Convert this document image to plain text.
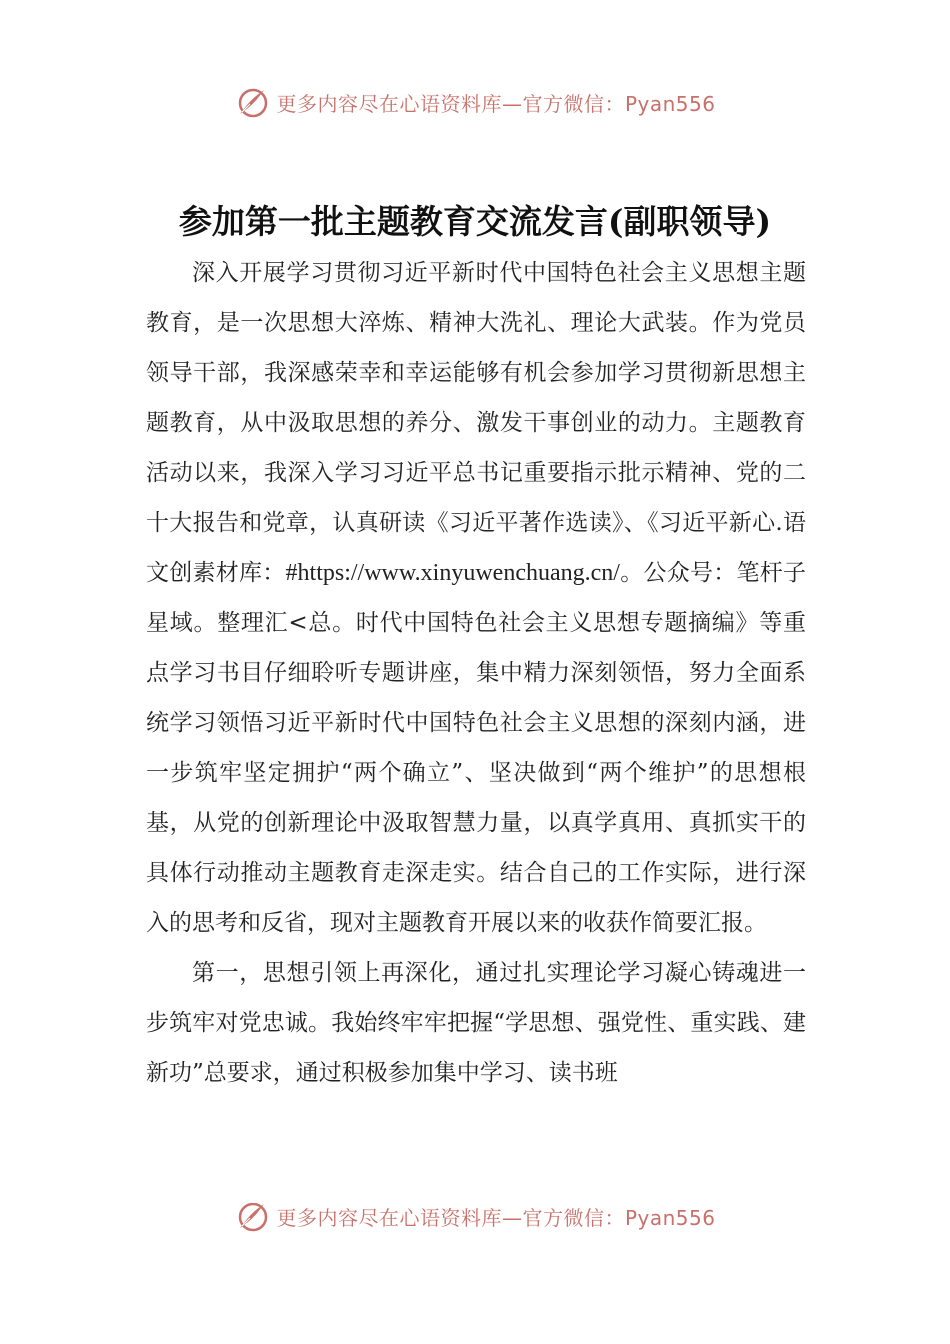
更多内容尽在心语资料库—官方微信：Pyan556
参加第一批主题教育交流发言(副职领导)

深入开展学习贯彻习近平新时代中国特色社会主义思想主题教育，是一次思想大淬炼、精神大洗礼、理论大武装。作为党员领导干部，我深感荣幸和幸运能够有机会参加学习贯彻新思想主题教育，从中汲取思想的养分、激发干事创业的动力。主题教育活动以来，我深入学习习近平总书记重要指示批示精神、党的二十大报告和党章，认真研读《习近平著作选读》、《习近平新心.语文创素材库：#https://www.xinyuwenchuang.cn/。公众号：笔杆子星域。整理汇<总。时代中国特色社会主义思想专题摘编》等重点学习书目仔细聆听专题讲座，集中精力深刻领悟，努力全面系统学习领悟习近平新时代中国特色社会主义思想的深刻内涵，进一步筑牢坚定拥护“两个确立”、坚决做到“两个维护”的思想根基，从党的创新理论中汲取智慧力量，以真学真用、真抓实干的具体行动推动主题教育走深走实。结合自己的工作实际，进行深入的思考和反省，现对主题教育开展以来的收获作简要汇报。

第一，思想引领上再深化，通过扎实理论学习凝心铸魂进一步筑牢对党忠诚。我始终牢牢把握“学思想、强党性、重实践、建新功”总要求，通过积极参加集中学习、读书班

更多内容尽在心语资料库—官方微信：Pyan556
